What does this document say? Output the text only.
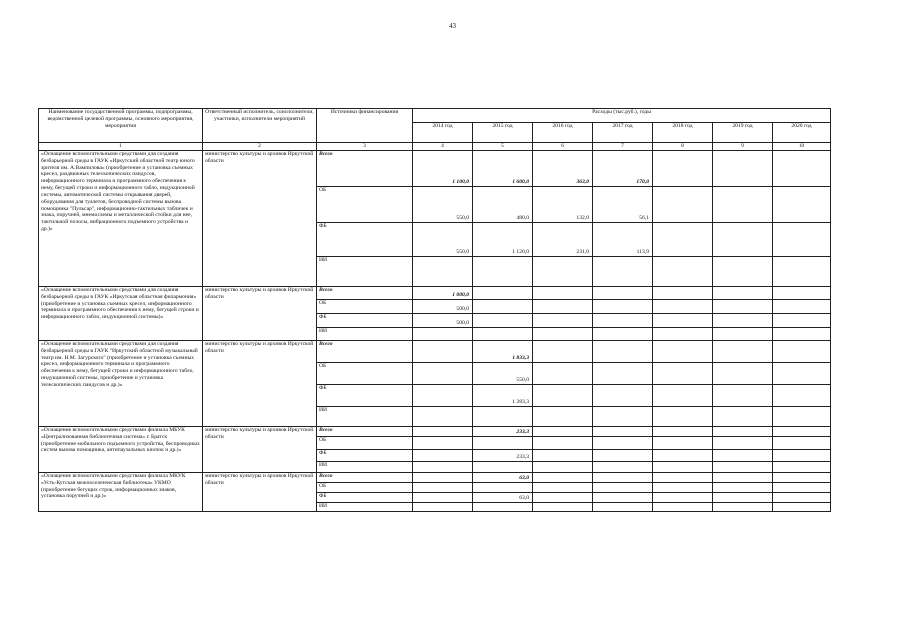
43
Наименование государственной программы, подпрограммы, ведомственной целевой программы, основного мероприятия, мероприятия	Ответственный исполнитель, соисполнители, участники, исполнители мероприятий	Источники финансирования	Расходы (тыс.руб.), годы						
			2014 год	2015 год	2016 год	2017 год	2018 год	2019 год	2020 год
1	2	3	4	5	6	7	8	9	10
«Оснащение вспомогательными средствами для создания безбарьерной среды в ГАУК «Иркутский областной театр юного зрителя им. А.Вампилова» (приобретение и установка съемных кресел, раздвижных телескопических пандусов, информационного терминала и программного обеспечения к нему, бегущей строки и информационного табло, индукционной системы, автоматической системы открывания дверей, оборудования для туалетов, беспроводной системы вызова помощника "Пульсар", информационно-тактильных табличек и знака, поручней, мнемосхемы и металлической стойки для нее, тактильной полосы, вибрационного подъемного устройства и др.)»	министерство культуры и архивов Иркутской области	Всего	1 100,0	1 600,0	363,0	170,0			
		ОБ	550,0	480,0	132,0	56,1			
		ФБ	550,0	1 120,0	231,0	113,9			
		ИИ							
«Оснащение вспомогательными средствами для создания безбарьерной среды в ГАУК «Иркутская областная филармония» (приобретение и установка съемных кресел, информационного терминала и программного обеспечения к нему, бегущей строки и информационного табло, индукционной системы)»	министерство культуры и архивов Иркутской области	Всего	1 000,0						
		ОБ	500,0						
		ФБ	500,0						
		ИИ							
«Оснащение вспомогательными средствами для создания безбарьерной среды в ГАУК "Иркутский областной музыкальный театр им. Н.М. Загурского" (приобретение и установка съемных кресел, информационного терминала и программного обеспечения к нему, бегущей строки и информационного табло, индукционной системы, приобретение и установка телескопических пандусов и др.)»	министерство культуры и архивов Иркутской области	Всего		1 833,3					
		ОБ		550,0					
		ФБ		1 283,3					
		ИИ							
«Оснащение вспомогательными средствами филиала МБУК «Централизованная библиотечная система» г. Братск (приобретение мобильного подъемного устройства, беспроводных систем вызова помощника, антипаузальных кнопок и др.)»	министерство культуры и архивов Иркутской области	Всего		233,3					
		ОБ							
		ФБ		233,3					
		ИИ							
«Оснащение вспомогательными средствами филиала МКУК «Усть-Кутская межпоселенческая библиотека» УКМО (приобретение бегущих строк, информационных знаков, установка поручней и др.)»	министерство культуры и архивов Иркутской области	Всего		63,0					
		ОБ							
		ФБ		63,0					
		ИИ							
